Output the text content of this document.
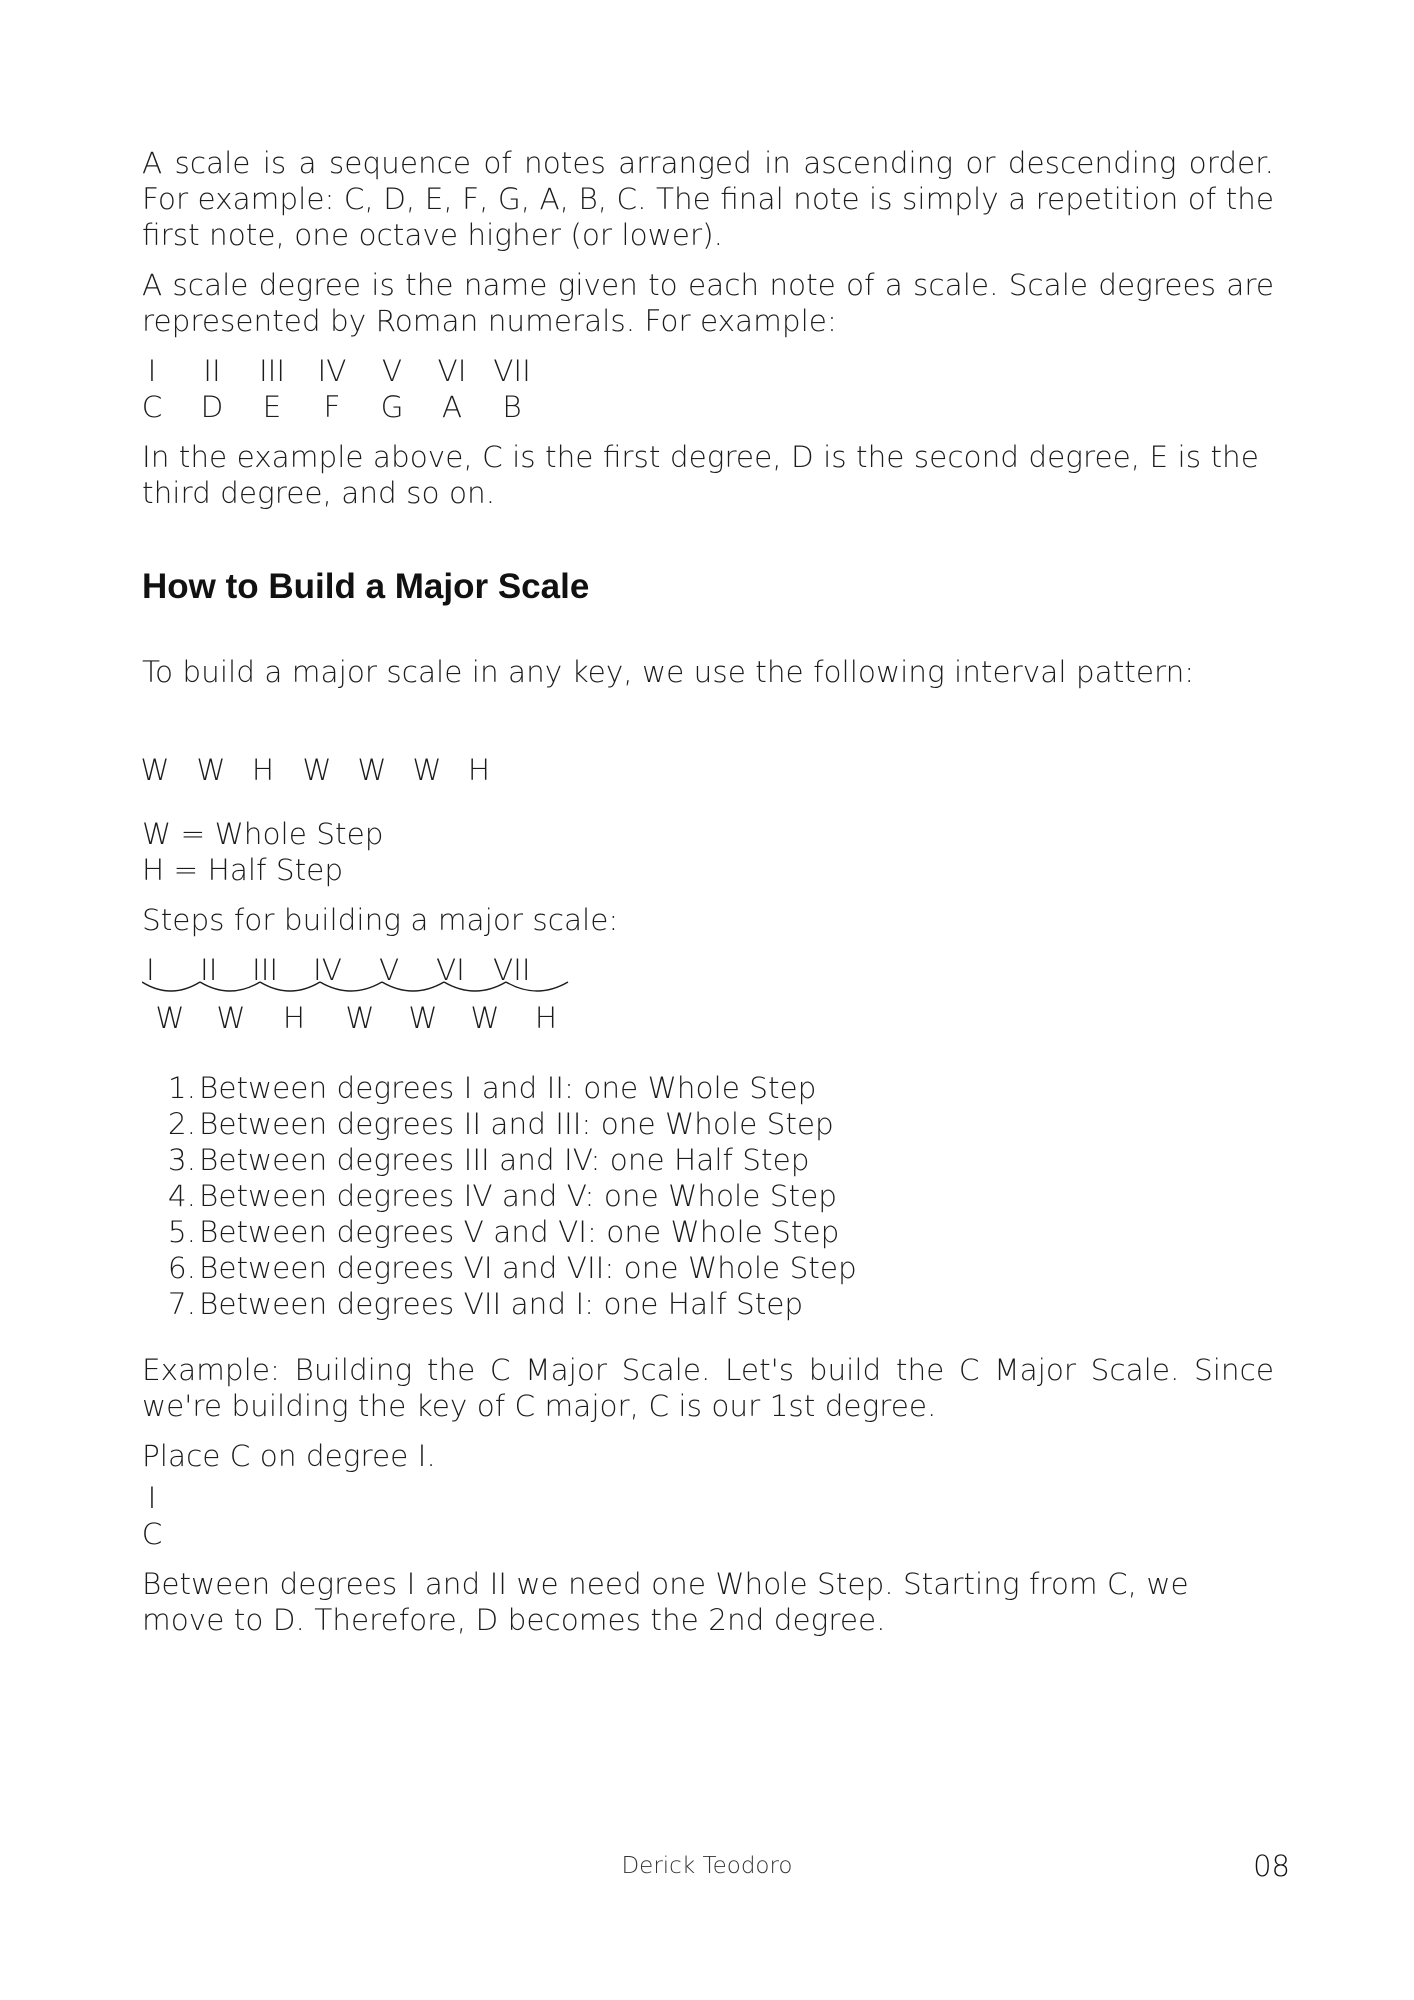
A scale is a sequence of notes arranged in ascending or descending order. For example: C, D, E, F, G, A, B, C. The final note is simply a repetition of the first note, one octave higher (or lower).

A scale degree is the name given to each note of a scale. Scale degrees are represented by Roman numerals. For example:

I II III IV V VI VII
C D E F G A B

In the example above, C is the first degree, D is the second degree, E is the third degree, and so on.

How to Build a Major Scale

To build a major scale in any key, we use the following interval pattern:

W W H W W W H

W = Whole Step

H = Half Step

Steps for building a major scale:

I II III IV V VI VII
W W H W W W H
1. Between degrees I and II: one Whole Step
2. Between degrees II and III: one Whole Step
3. Between degrees III and IV: one Half Step
4. Between degrees IV and V: one Whole Step
5. Between degrees V and VI: one Whole Step
6. Between degrees VI and VII: one Whole Step
7. Between degrees VII and I: one Half Step

Example: Building the C Major Scale. Let's build the C Major Scale. Since we're building the key of C major, C is our 1st degree.

Place C on degree I.

I
C

Between degrees I and II we need one Whole Step. Starting from C, we move to D. Therefore, D becomes the 2nd degree.

Derick Teodoro	08
